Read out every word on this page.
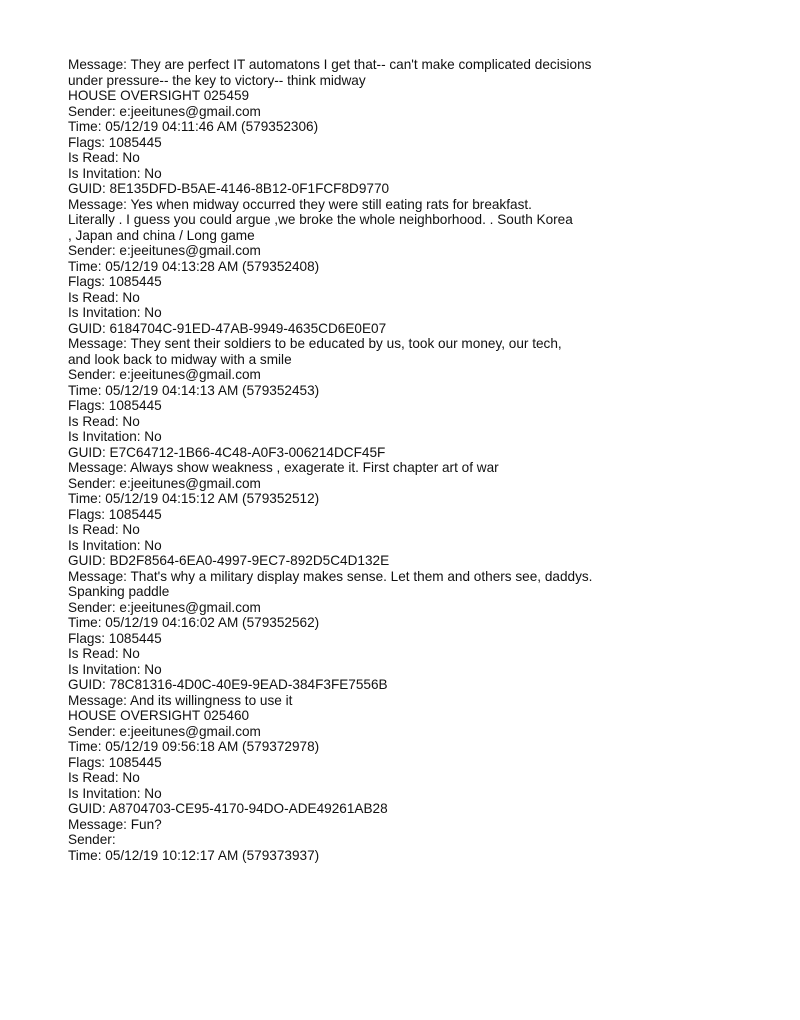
Message: They are perfect IT automatons I get that-- can't make complicated decisions
under pressure-- the key to victory-- think midway
HOUSE OVERSIGHT 025459
Sender: e:jeeitunes@gmail.com
Time: 05/12/19 04:11:46 AM (579352306)
Flags: 1085445
Is Read: No
Is Invitation: No
GUID: 8E135DFD-B5AE-4146-8B12-0F1FCF8D9770
Message: Yes when midway occurred they were still eating rats for breakfast.
Literally . I guess you could argue ,we broke the whole neighborhood. . South Korea
, Japan and china / Long game
Sender: e:jeeitunes@gmail.com
Time: 05/12/19 04:13:28 AM (579352408)
Flags: 1085445
Is Read: No
Is Invitation: No
GUID: 6184704C-91ED-47AB-9949-4635CD6E0E07
Message: They sent their soldiers to be educated by us, took our money, our tech,
and look back to midway with a smile
Sender: e:jeeitunes@gmail.com
Time: 05/12/19 04:14:13 AM (579352453)
Flags: 1085445
Is Read: No
Is Invitation: No
GUID: E7C64712-1B66-4C48-A0F3-006214DCF45F
Message: Always show weakness , exagerate it. First chapter art of war
Sender: e:jeeitunes@gmail.com
Time: 05/12/19 04:15:12 AM (579352512)
Flags: 1085445
Is Read: No
Is Invitation: No
GUID: BD2F8564-6EA0-4997-9EC7-892D5C4D132E
Message: That's why a military display makes sense. Let them and others see, daddys.
Spanking paddle
Sender: e:jeeitunes@gmail.com
Time: 05/12/19 04:16:02 AM (579352562)
Flags: 1085445
Is Read: No
Is Invitation: No
GUID: 78C81316-4D0C-40E9-9EAD-384F3FE7556B
Message: And its willingness to use it
HOUSE OVERSIGHT 025460
Sender: e:jeeitunes@gmail.com
Time: 05/12/19 09:56:18 AM (579372978)
Flags: 1085445
Is Read: No
Is Invitation: No
GUID: A8704703-CE95-4170-94DO-ADE49261AB28
Message: Fun?
Sender:
Time: 05/12/19 10:12:17 AM (579373937)
